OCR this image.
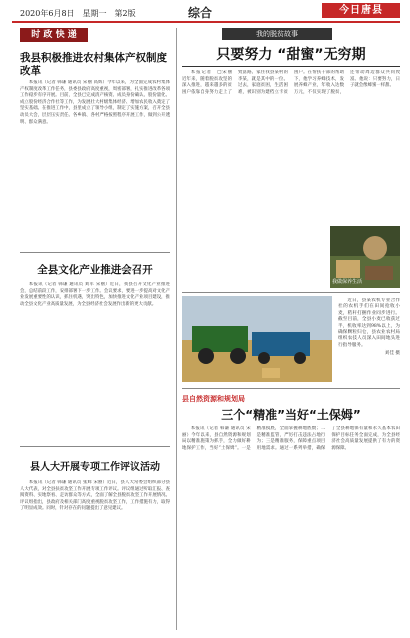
2020年6月8日　星期一　第2版	综合	今日唐县
时 政 快 递
我县积极推进农村集体产权制度改革

本报讯（记者 韩谦 通讯员 宋丽 高辉）今年以来，为全面完成农村集体产权制度改革工作任务，县委县政府高度重视，周密部署，扎实推进改革各项工作稳步有序开展。目前，全县已完成清产核资、成员身份确认、股份量化、成立股份经济合作社等工作，为发展壮大村级集体经济、增加农民收入奠定了坚实基础。在推进工作中，县里成立了领导小组，制定了实施方案，召开全县动员大会，层层压实责任。各乡镇、各村严格按照程序开展工作，做到公开透明、群众满意。

全县文化产业推进会召开

本报讯（记者 韩谦 通讯员 刘军 宋丽）近日，我县召开文化产业推进会，总结前段工作，安排部署下一步工作。会议要求，要进一步提高对文化产业发展重要性的认识，抓住机遇，突出特色，加快推进文化产业项目建设，推动全县文化产业高质量发展，为全县经济社会发展作出新的更大贡献。

县人大开展专项工作评议活动

本报讯（记者 韩谦 通讯员 张辉 宋丽）近日，县人大常委会组织部分县人大代表，对全县扶贫攻坚工作开展专项工作评议。评议组通过听取汇报、查阅资料、实地察看、走访群众等方式，全面了解全县脱贫攻坚工作开展情况。评议组指出，县政府及相关部门高度重视脱贫攻坚工作，工作措施有力，取得了明显成效。同时，针对存在的问题提出了意见建议。

我的脱贫故事
只要努力 “甜蜜”无穷期

本报记者　□宋丽　近年来，随着脱贫攻坚的深入推进，越来越多的贫困户依靠自身努力走上了致富路。家住我县某村的李某，就是其中的一位。过去，家庭贫困，生活困难，被识别为建档立卡贫困户。在帮扶干部的帮助下，他学习养蜂技术，发展养蜂产业，年收入达数万元，不仅实现了脱贫，还带动周边群众共同致富。他说：只要努力，日子就会像蜂蜜一样甜。

我做保养生活

近日，县某农机专业合作社的农机手们在田间抢收小麦，秸秆打捆作业同步进行。截至目前，全县小麦已收获过半，机收率达到98%以上，为确保颗粒归仓，县农业农村局组织农技人员深入田间地头进行指导服务。

刘佳 摄
县自然资源和规划局
三个“精准”当好“土保姆”

本报讯（记者 韩谦 通讯员 宋丽）今年以来，县自然资源和规划局以精准施策为抓手，全力做好耕地保护工作，当好“土保姆”。一是精准摸底，全面掌握耕地底数；二是精准监管，严厉打击违法占地行为；三是精准服务，保障重点项目用地需求。通过一系列举措，确保了全县耕地保有量和永久基本农田保护目标任务全面完成，为全县经济社会高质量发展提供了有力的资源保障。
